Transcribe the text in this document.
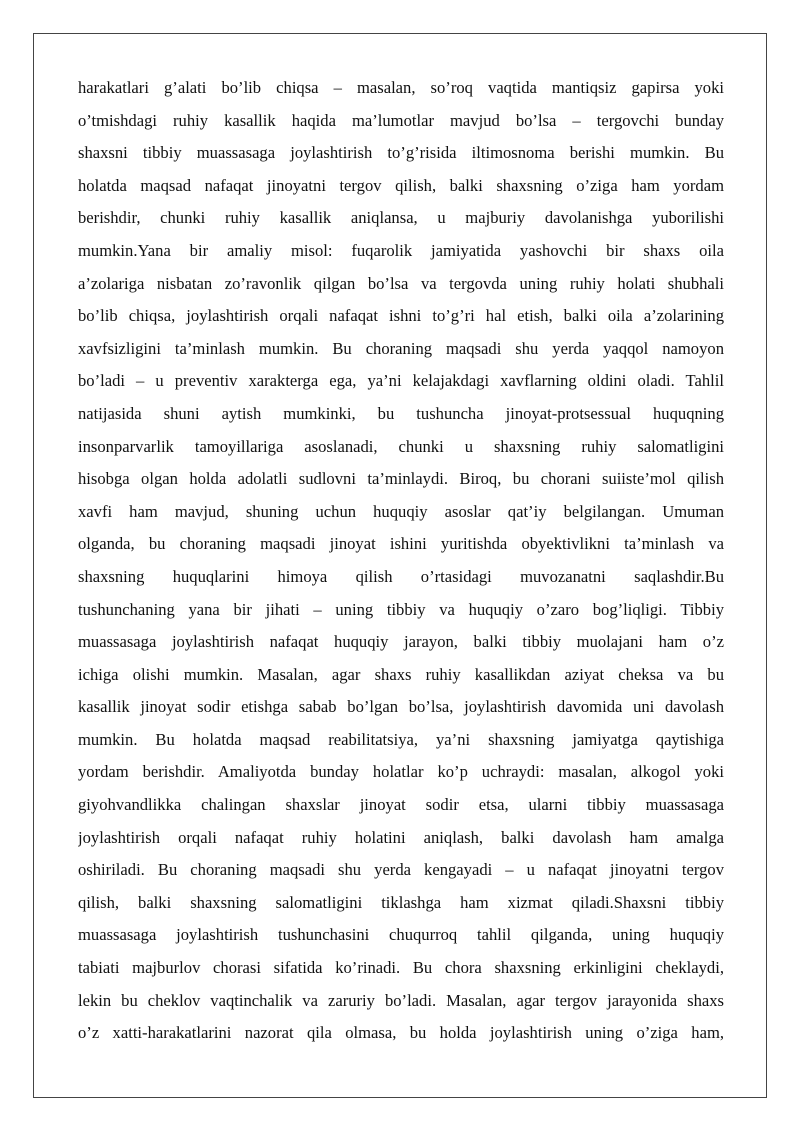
harakatlari g’alati bo’lib chiqsa – masalan, so’roq vaqtida mantiqsiz gapirsa yoki
o’tmishdagi ruhiy kasallik haqida ma’lumotlar mavjud bo’lsa – tergovchi bunday
shaxsni tibbiy muassasaga joylashtirish to’g’risida iltimosnoma berishi mumkin. Bu
holatda maqsad nafaqat jinoyatni tergov qilish, balki shaxsning o’ziga ham yordam
berishdir, chunki ruhiy kasallik aniqlansa, u majburiy davolanishga yuborilishi
mumkin.Yana bir amaliy misol: fuqarolik jamiyatida yashovchi bir shaxs oila
a’zolariga nisbatan zo’ravonlik qilgan bo’lsa va tergovda uning ruhiy holati shubhali
bo’lib chiqsa, joylashtirish orqali nafaqat ishni to’g’ri hal etish, balki oila a’zolarining
xavfsizligini ta’minlash mumkin. Bu choraning maqsadi shu yerda yaqqol namoyon
bo’ladi – u preventiv xarakterga ega, ya’ni kelajakdagi xavflarning oldini oladi. Tahlil
natijasida shuni aytish mumkinki, bu tushuncha jinoyat-protsessual huquqning
insonparvarlik tamoyillariga asoslanadi, chunki u shaxsning ruhiy salomatligini
hisobga olgan holda adolatli sudlovni ta’minlaydi. Biroq, bu chorani suiiste’mol qilish
xavfi ham mavjud, shuning uchun huquqiy asoslar qat’iy belgilangan. Umuman
olganda, bu choraning maqsadi jinoyat ishini yuritishda obyektivlikni ta’minlash va
shaxsning huquqlarini himoya qilish o’rtasidagi muvozanatni saqlashdir.Bu
tushunchaning yana bir jihati – uning tibbiy va huquqiy o’zaro bog’liqligi. Tibbiy
muassasaga joylashtirish nafaqat huquqiy jarayon, balki tibbiy muolajani ham o’z
ichiga olishi mumkin. Masalan, agar shaxs ruhiy kasallikdan aziyat cheksa va bu
kasallik jinoyat sodir etishga sabab bo’lgan bo’lsa, joylashtirish davomida uni davolash
mumkin. Bu holatda maqsad reabilitatsiya, ya’ni shaxsning jamiyatga qaytishiga
yordam berishdir. Amaliyotda bunday holatlar ko’p uchraydi: masalan, alkogol yoki
giyohvandlikka chalingan shaxslar jinoyat sodir etsa, ularni tibbiy muassasaga
joylashtirish orqali nafaqat ruhiy holatini aniqlash, balki davolash ham amalga
oshiriladi. Bu choraning maqsadi shu yerda kengayadi – u nafaqat jinoyatni tergov
qilish, balki shaxsning salomatligini tiklashga ham xizmat qiladi.Shaxsni tibbiy
muassasaga joylashtirish tushunchasini chuqurroq tahlil qilganda, uning huquqiy
tabiati majburlov chorasi sifatida ko’rinadi. Bu chora shaxsning erkinligini cheklaydi,
lekin bu cheklov vaqtinchalik va zaruriy bo’ladi. Masalan, agar tergov jarayonida shaxs
o’z xatti-harakatlarini nazorat qila olmasa, bu holda joylashtirish uning o’ziga ham,
